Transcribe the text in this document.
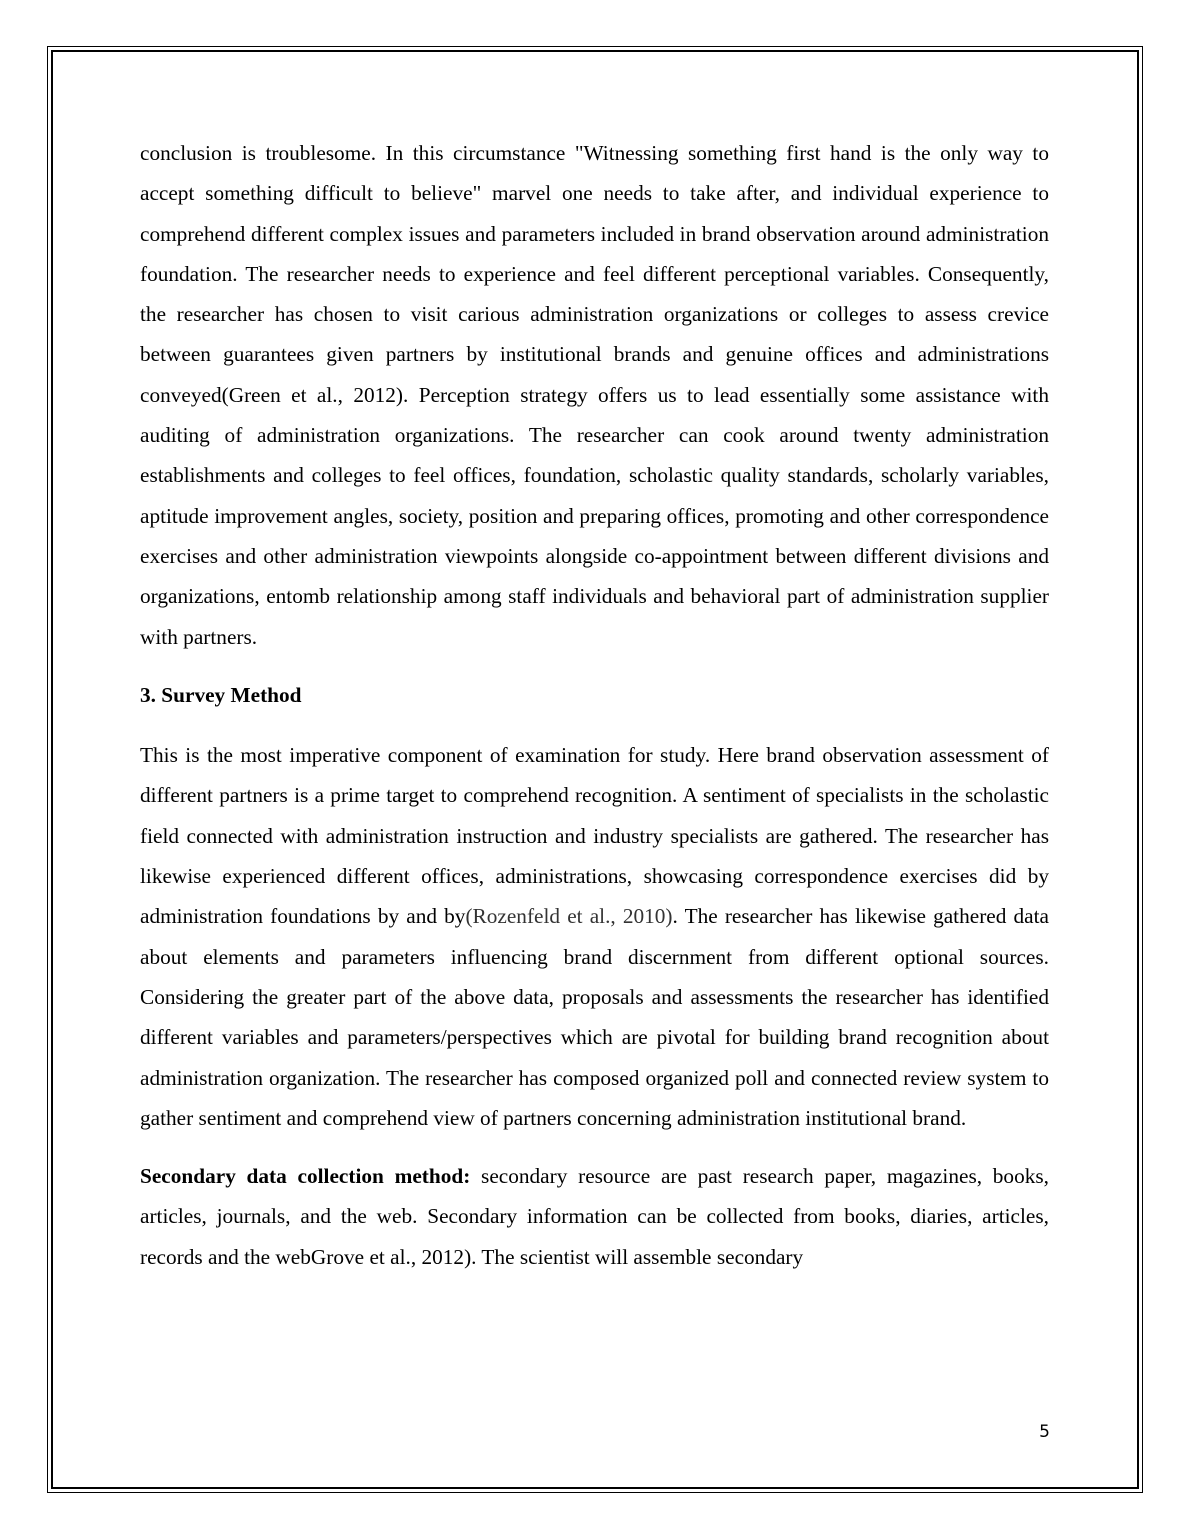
conclusion is troublesome. In this circumstance "Witnessing something first hand is the only way to accept something difficult to believe" marvel one needs to take after, and individual experience to comprehend different complex issues and parameters included in brand observation around administration foundation. The researcher needs to experience and feel different perceptional variables. Consequently, the researcher has chosen to visit carious administration organizations or colleges to assess crevice between guarantees given partners by institutional brands and genuine offices and administrations conveyed(Green et al., 2012). Perception strategy offers us to lead essentially some assistance with auditing of administration organizations. The researcher can cook around twenty administration establishments and colleges to feel offices, foundation, scholastic quality standards, scholarly variables, aptitude improvement angles, society, position and preparing offices, promoting and other correspondence exercises and other administration viewpoints alongside co-appointment between different divisions and organizations, entomb relationship among staff individuals and behavioral part of administration supplier with partners.

3. Survey Method

This is the most imperative component of examination for study. Here brand observation assessment of different partners is a prime target to comprehend recognition. A sentiment of specialists in the scholastic field connected with administration instruction and industry specialists are gathered. The researcher has likewise experienced different offices, administrations, showcasing correspondence exercises did by administration foundations by and by(Rozenfeld et al., 2010). The researcher has likewise gathered data about elements and parameters influencing brand discernment from different optional sources. Considering the greater part of the above data, proposals and assessments the researcher has identified different variables and parameters/perspectives which are pivotal for building brand recognition about administration organization. The researcher has composed organized poll and connected review system to gather sentiment and comprehend view of partners concerning administration institutional brand.

Secondary data collection method: secondary resource are past research paper, magazines, books, articles, journals, and the web. Secondary information can be collected from books, diaries, articles, records and the webGrove et al., 2012). The scientist will assemble secondary

5
